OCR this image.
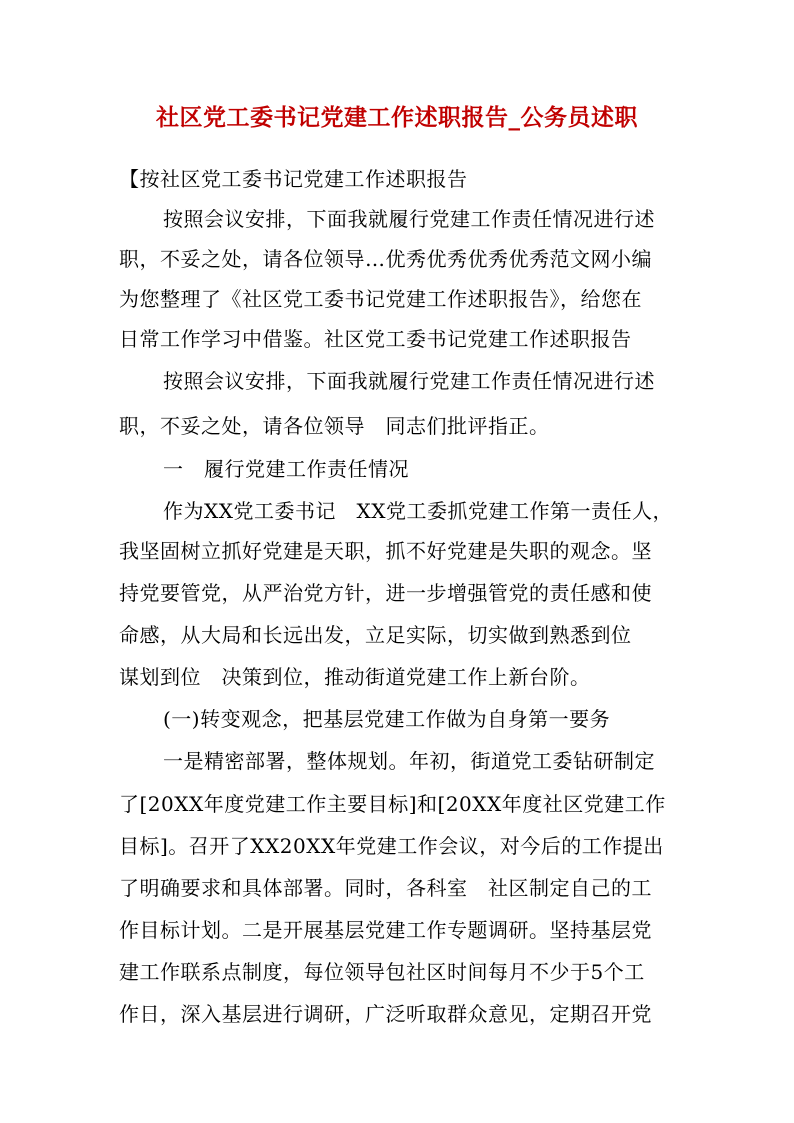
社区党工委书记党建工作述职报告_公务员述职
【按社区党工委书记党建工作述职报告
按照会议安排，下面我就履行党建工作责任情况进行述
职，不妥之处，请各位领导…优秀优秀优秀优秀范文网小编
为您整理了《社区党工委书记党建工作述职报告》，给您在
日常工作学习中借鉴。社区党工委书记党建工作述职报告
按照会议安排，下面我就履行党建工作责任情况进行述
职，不妥之处，请各位领导　同志们批评指正。
一　履行党建工作责任情况
作为XX党工委书记　XX党工委抓党建工作第一责任人，
我坚固树立抓好党建是天职，抓不好党建是失职的观念。坚
持党要管党，从严治党方针，进一步增强管党的责任感和使
命感，从大局和长远出发，立足实际，切实做到熟悉到位
谋划到位　决策到位，推动街道党建工作上新台阶。
(一)转变观念，把基层党建工作做为自身第一要务
一是精密部署，整体规划。年初，街道党工委钻研制定
了[20XX年度党建工作主要目标]和[20XX年度社区党建工作
目标]。召开了XX20XX年党建工作会议，对今后的工作提出
了明确要求和具体部署。同时，各科室　社区制定自己的工
作目标计划。二是开展基层党建工作专题调研。坚持基层党
建工作联系点制度，每位领导包社区时间每月不少于5个工
作日，深入基层进行调研，广泛听取群众意见，定期召开党
